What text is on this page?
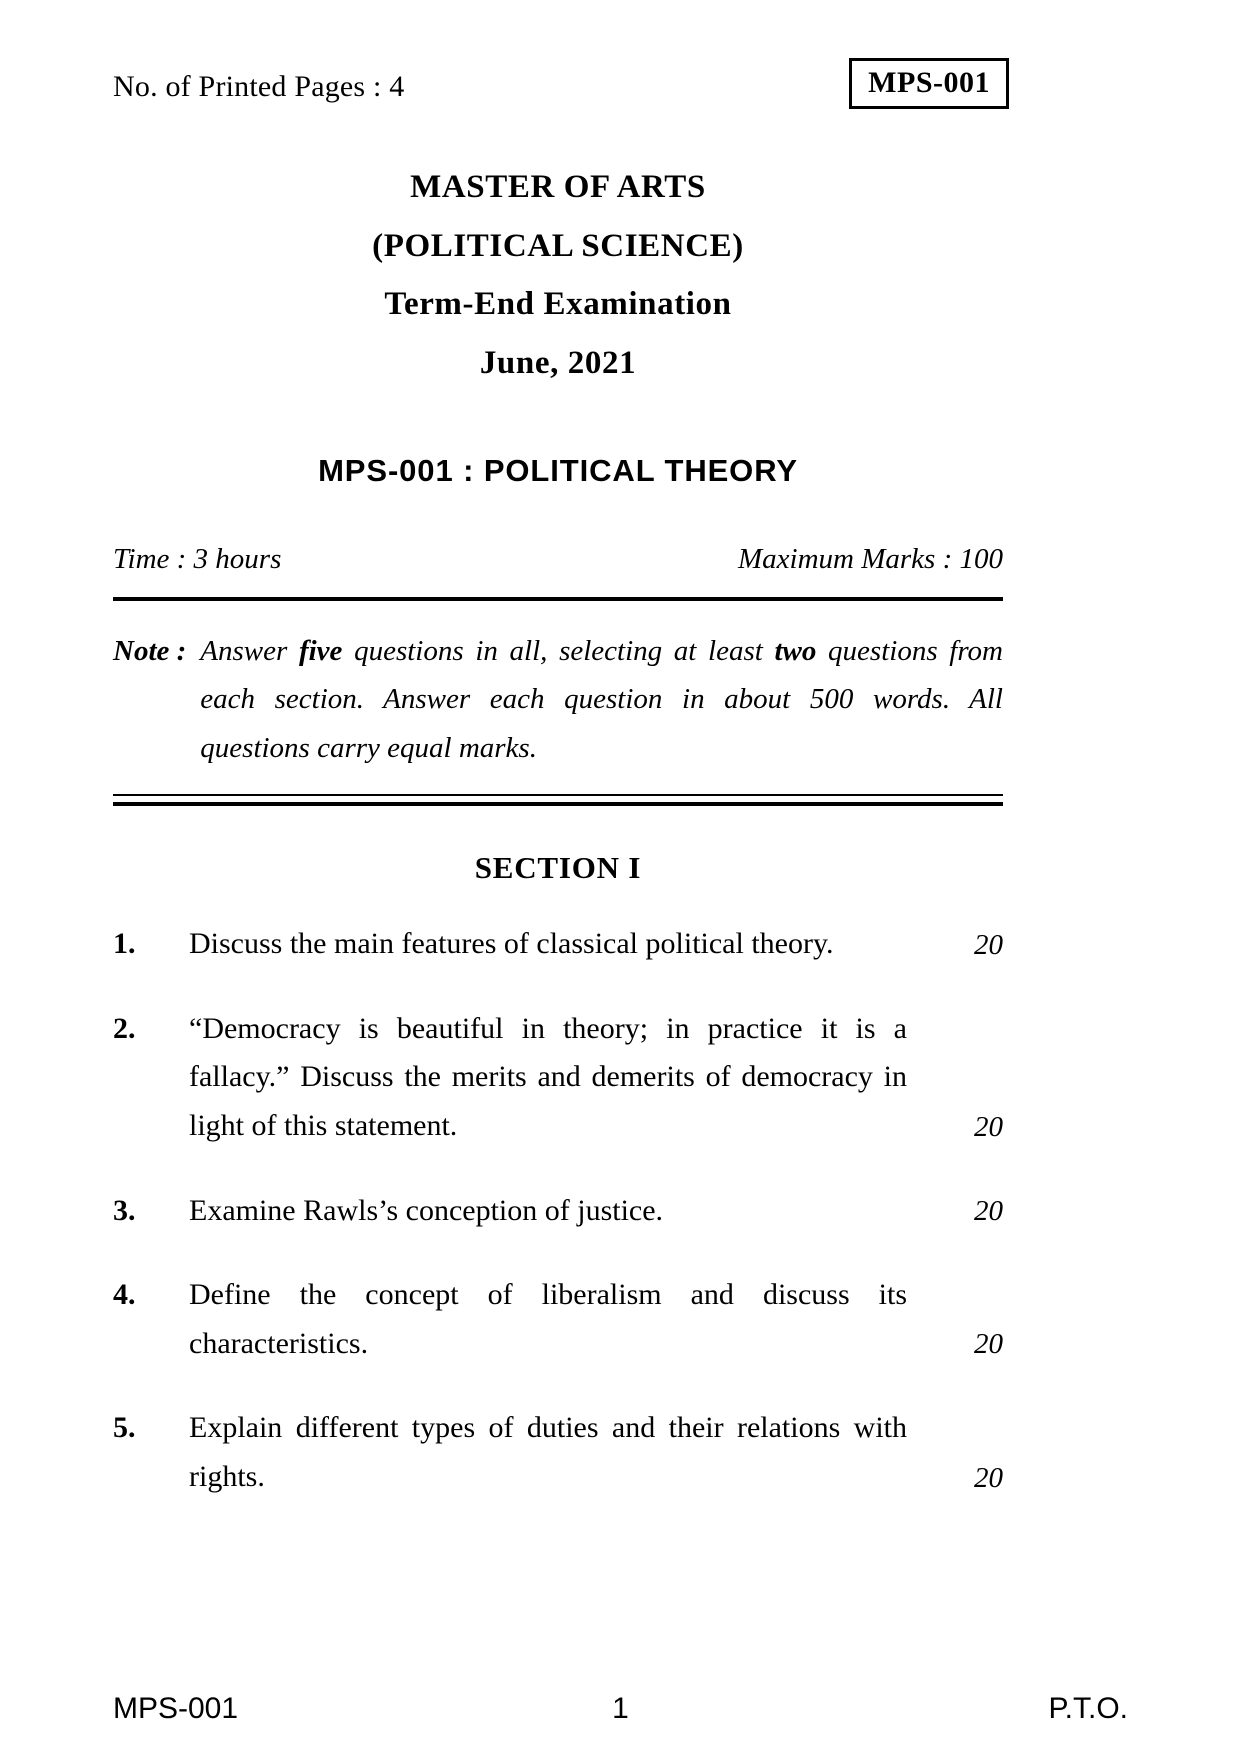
No. of Printed Pages : 4	MPS-001
MASTER OF ARTS
(POLITICAL SCIENCE)
Term-End Examination
June, 2021
MPS-001 : POLITICAL THEORY
Time : 3 hours	Maximum Marks : 100
Note : Answer five questions in all, selecting at least two questions from each section. Answer each question in about 500 words. All questions carry equal marks.
SECTION I
1.	Discuss the main features of classical political theory.	20
2.	“Democracy is beautiful in theory; in practice it is a fallacy.” Discuss the merits and demerits of democracy in light of this statement.	20
3.	Examine Rawls’s conception of justice.	20
4.	Define the concept of liberalism and discuss its characteristics.	20
5.	Explain different types of duties and their relations with rights.	20
MPS-001	1	P.T.O.
